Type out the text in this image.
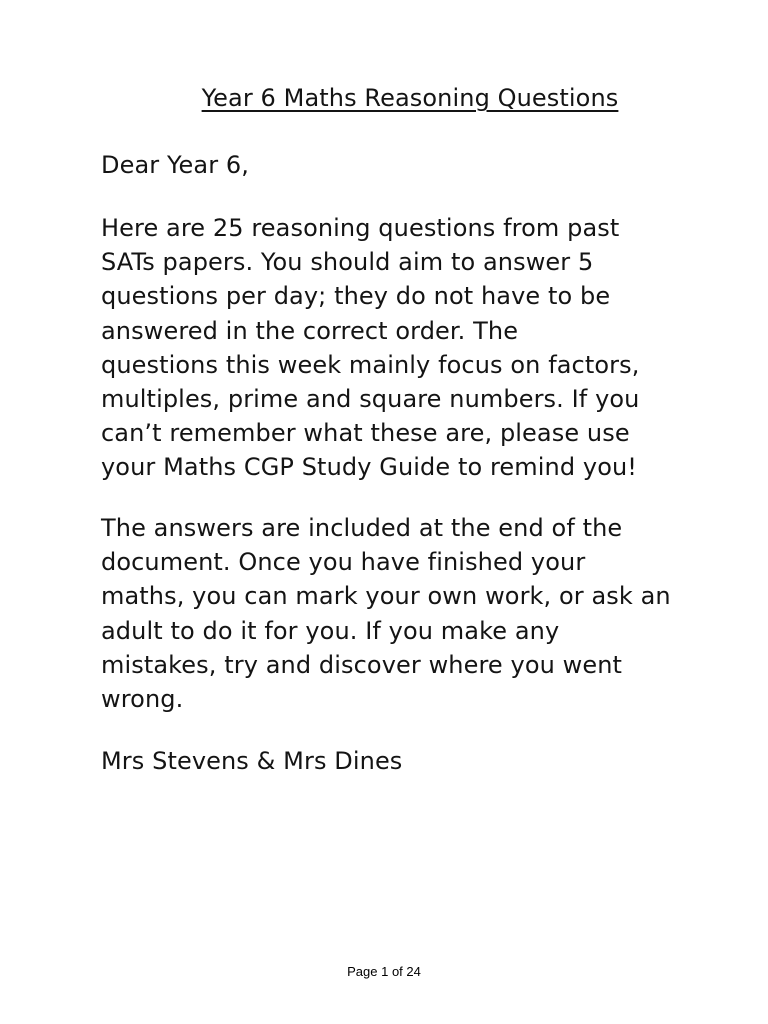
Year 6 Maths Reasoning Questions

Dear Year 6,

Here are 25 reasoning questions from past
SATs papers. You should aim to answer 5
questions per day; they do not have to be
answered in the correct order. The
questions this week mainly focus on factors,
multiples, prime and square numbers. If you
can’t remember what these are, please use
your Maths CGP Study Guide to remind you!

The answers are included at the end of the
document. Once you have finished your
maths, you can mark your own work, or ask an
adult to do it for you. If you make any
mistakes, try and discover where you went
wrong.

Mrs Stevens & Mrs Dines

Page 1 of 24
